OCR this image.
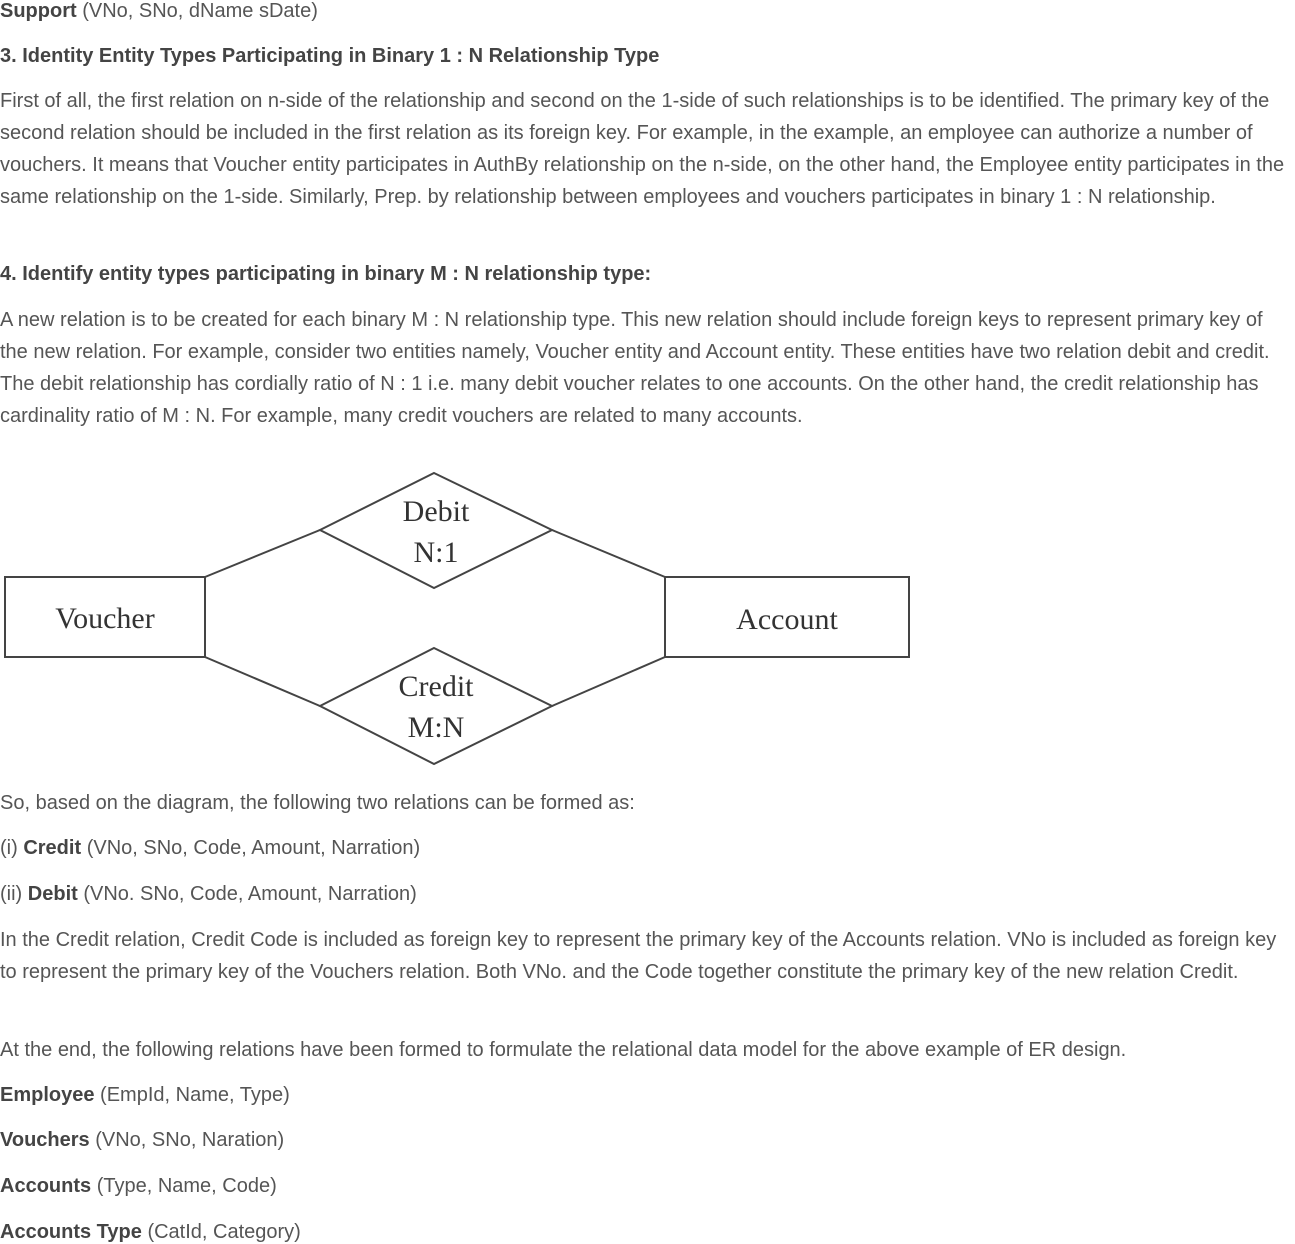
Support (VNo, SNo, dName sDate)

3. Identity Entity Types Participating in Binary 1 : N Relationship Type

First of all, the first relation on n-side of the relationship and second on the 1-side of such relationships is to be identified. The primary key of the second relation should be included in the first relation as its foreign key. For example, in the example, an employee can authorize a number of vouchers. It means that Voucher entity participates in AuthBy relationship on the n-side, on the other hand, the Employee entity participates in the same relationship on the 1-side. Similarly, Prep. by relationship between employees and vouchers participates in binary 1 : N relationship.

4. Identify entity types participating in binary M : N relationship type:

A new relation is to be created for each binary M : N relationship type. This new relation should include foreign keys to represent primary key of the new relation. For example, consider two entities namely, Voucher entity and Account entity. These entities have two relation debit and credit. The debit relationship has cordially ratio of N : 1 i.e. many debit voucher relates to one accounts. On the other hand, the credit relationship has cardinality ratio of M : N. For example, many credit vouchers are related to many accounts.

Debit
N:1
Credit
M:N
Voucher	Account

So, based on the diagram, the following two relations can be formed as:

(i) Credit (VNo, SNo, Code, Amount, Narration)

(ii) Debit (VNo. SNo, Code, Amount, Narration)

In the Credit relation, Credit Code is included as foreign key to represent the primary key of the Accounts relation. VNo is included as foreign key to represent the primary key of the Vouchers relation. Both VNo. and the Code together constitute the primary key of the new relation Credit.

At the end, the following relations have been formed to formulate the relational data model for the above example of ER design.

Employee (EmpId, Name, Type)

Vouchers (VNo, SNo, Naration)

Accounts (Type, Name, Code)

Accounts Type (CatId, Category)
